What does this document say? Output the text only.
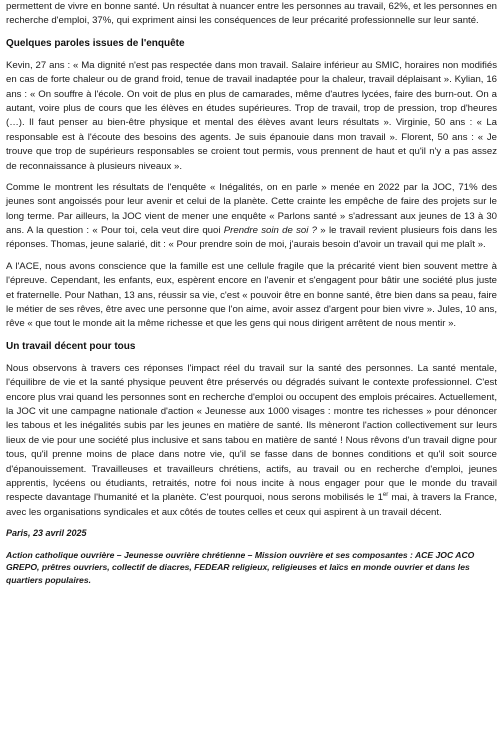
permettent de vivre en bonne santé. Un résultat à nuancer entre les personnes au travail, 62%, et les personnes en recherche d'emploi, 37%, qui expriment ainsi les conséquences de leur précarité professionnelle sur leur santé.

Quelques paroles issues de l'enquête

Kevin, 27 ans : « Ma dignité n'est pas respectée dans mon travail. Salaire inférieur au SMIC, horaires non modifiés en cas de forte chaleur ou de grand froid, tenue de travail inadaptée pour la chaleur, travail déplaisant ». Kylian, 16 ans : « On souffre à l'école. On voit de plus en plus de camarades, même d'autres lycées, faire des burn-out. On a autant, voire plus de cours que les élèves en études supérieures. Trop de travail, trop de pression, trop d'heures (…). Il faut penser au bien-être physique et mental des élèves avant leurs résultats ». Virginie, 50 ans : « La responsable est à l'écoute des besoins des agents. Je suis épanouie dans mon travail ». Florent, 50 ans : « Je trouve que trop de supérieurs responsables se croient tout permis, vous prennent de haut et qu'il n'y a pas assez de reconnaissance à plusieurs niveaux ».

Comme le montrent les résultats de l'enquête « Inégalités, on en parle » menée en 2022 par la JOC, 71% des jeunes sont angoissés pour leur avenir et celui de la planète. Cette crainte les empêche de faire des projets sur le long terme. Par ailleurs, la JOC vient de mener une enquête « Parlons santé » s'adressant aux jeunes de 13 à 30 ans. A la question : « Pour toi, cela veut dire quoi Prendre soin de soi ? » le travail revient plusieurs fois dans les réponses. Thomas, jeune salarié, dit : « Pour prendre soin de moi, j'aurais besoin d'avoir un travail qui me plaît ».

A l'ACE, nous avons conscience que la famille est une cellule fragile que la précarité vient bien souvent mettre à l'épreuve. Cependant, les enfants, eux, espèrent encore en l'avenir et s'engagent pour bâtir une société plus juste et fraternelle. Pour Nathan, 13 ans, réussir sa vie, c'est « pouvoir être en bonne santé, être bien dans sa peau, faire le métier de ses rêves, être avec une personne que l'on aime, avoir assez d'argent pour bien vivre ». Jules, 10 ans, rêve « que tout le monde ait la même richesse et que les gens qui nous dirigent arrêtent de nous mentir ».

Un travail décent pour tous

Nous observons à travers ces réponses l'impact réel du travail sur la santé des personnes. La santé mentale, l'équilibre de vie et la santé physique peuvent être préservés ou dégradés suivant le contexte professionnel. C'est encore plus vrai quand les personnes sont en recherche d'emploi ou occupent des emplois précaires. Actuellement, la JOC vit une campagne nationale d'action « Jeunesse aux 1000 visages : montre tes richesses » pour dénoncer les tabous et les inégalités subis par les jeunes en matière de santé. Ils mèneront l'action collectivement sur leurs lieux de vie pour une société plus inclusive et sans tabou en matière de santé ! Nous rêvons d'un travail digne pour tous, qu'il prenne moins de place dans notre vie, qu'il se fasse dans de bonnes conditions et qu'il soit source d'épanouissement. Travailleuses et travailleurs chrétiens, actifs, au travail ou en recherche d'emploi, jeunes apprentis, lycéens ou étudiants, retraités, notre foi nous incite à nous engager pour que le monde du travail respecte davantage l'humanité et la planète. C'est pourquoi, nous serons mobilisés le 1er mai, à travers la France, avec les organisations syndicales et aux côtés de toutes celles et ceux qui aspirent à un travail décent.

Paris, 23 avril 2025

Action catholique ouvrière – Jeunesse ouvrière chrétienne – Mission ouvrière et ses composantes : ACE JOC ACO GREPO, prêtres ouvriers, collectif de diacres, FEDEAR religieux, religieuses et laïcs en monde ouvrier et dans les quartiers populaires.
